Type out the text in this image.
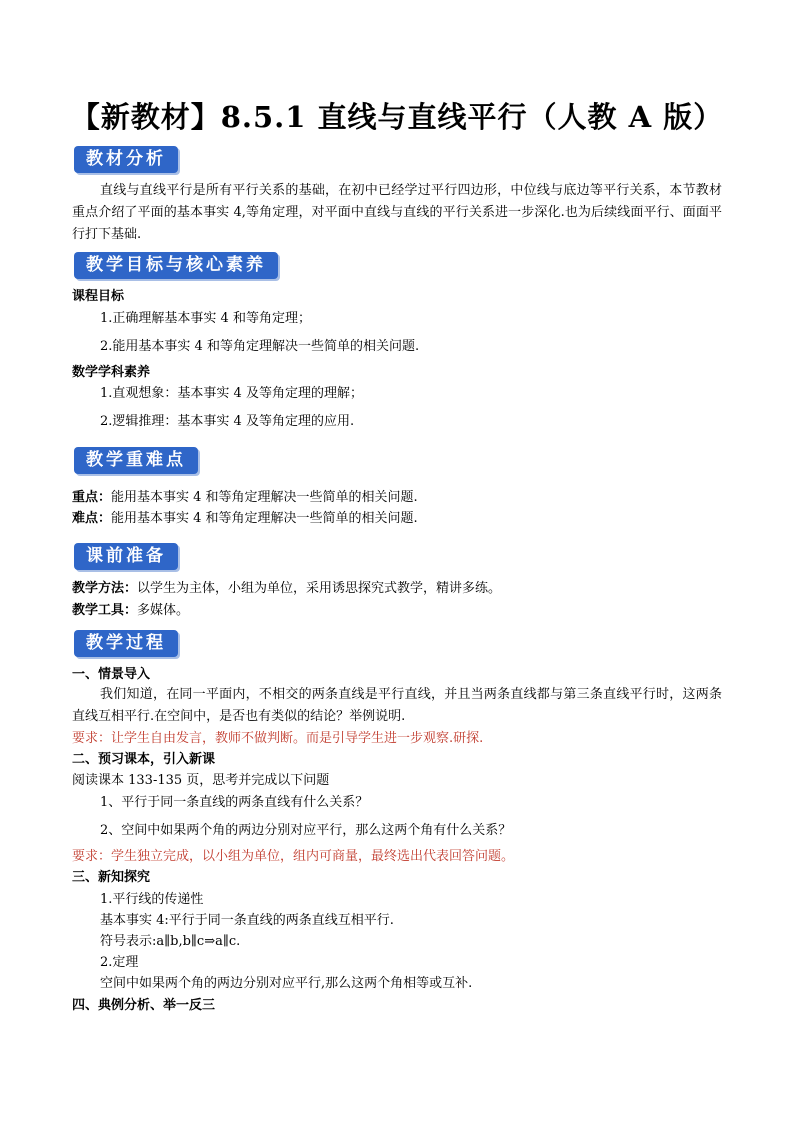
【新教材】8.5.1 直线与直线平行（人教 A 版）
教材分析
直线与直线平行是所有平行关系的基础，在初中已经学过平行四边形，中位线与底边等平行关系，本节教材重点介绍了平面的基本事实 4,等角定理，对平面中直线与直线的平行关系进一步深化.也为后续线面平行、面面平行打下基础.
教学目标与核心素养
课程目标
1.正确理解基本事实 4 和等角定理；
2.能用基本事实 4 和等角定理解决一些简单的相关问题.
数学学科素养
1.直观想象：基本事实 4 及等角定理的理解；
2.逻辑推理：基本事实 4 及等角定理的应用.
教学重难点
重点：能用基本事实 4 和等角定理解决一些简单的相关问题.
难点：能用基本事实 4 和等角定理解决一些简单的相关问题.
课前准备
教学方法：以学生为主体，小组为单位，采用诱思探究式教学，精讲多练。
教学工具：多媒体。
教学过程
一、情景导入
我们知道，在同一平面内，不相交的两条直线是平行直线，并且当两条直线都与第三条直线平行时，这两条直线互相平行.在空间中，是否也有类似的结论？举例说明.
要求：让学生自由发言，教师不做判断。而是引导学生进一步观察.研探.
二、预习课本，引入新课
阅读课本 133-135 页，思考并完成以下问题
1、平行于同一条直线的两条直线有什么关系？
2、空间中如果两个角的两边分别对应平行，那么这两个角有什么关系？
要求：学生独立完成，以小组为单位，组内可商量，最终选出代表回答问题。
三、新知探究
1.平行线的传递性
基本事实 4:平行于同一条直线的两条直线互相平行.
符号表示:a∥b,b∥c⇒a∥c.
2.定理
空间中如果两个角的两边分别对应平行,那么这两个角相等或互补.
四、典例分析、举一反三
